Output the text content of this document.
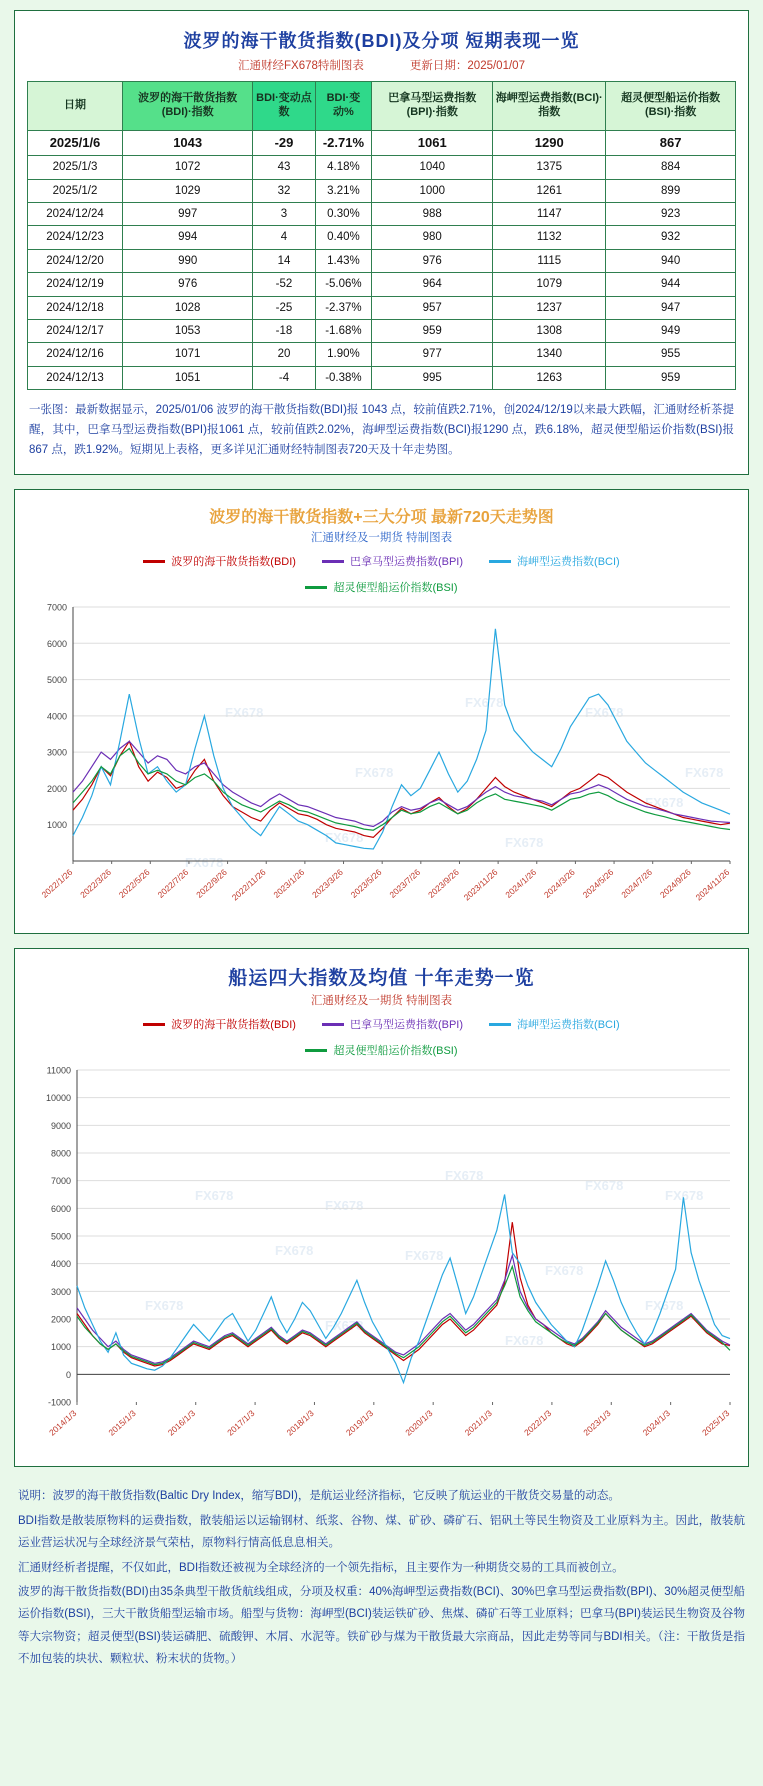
波罗的海干散货指数(BDI)及分项 短期表现一览
汇通财经FX678特制图表	更新日期：2025/01/07
日期	波罗的海干散货指数(BDI)·指数	BDI·变动点数	BDI·变动%	巴拿马型运费指数(BPI)·指数	海岬型运费指数(BCI)·指数	超灵便型船运价指数(BSI)·指数
2025/1/6	1043	-29	-2.71%	1061	1290	867
2025/1/3	1072	43	4.18%	1040	1375	884
2025/1/2	1029	32	3.21%	1000	1261	899
2024/12/24	997	3	0.30%	988	1147	923
2024/12/23	994	4	0.40%	980	1132	932
2024/12/20	990	14	1.43%	976	1115	940
2024/12/19	976	-52	-5.06%	964	1079	944
2024/12/18	1028	-25	-2.37%	957	1237	947
2024/12/17	1053	-18	-1.68%	959	1308	949
2024/12/16	1071	20	1.90%	977	1340	955
2024/12/13	1051	-4	-0.38%	995	1263	959
一张图：最新数据显示，2025/01/06 波罗的海干散货指数(BDI)报 1043 点，较前值跌2.71%，创2024/12/19以来最大跌幅，汇通财经析茶提醒，其中，巴拿马型运费指数(BPI)报1061 点，较前值跌2.02%，海岬型运费指数(BCI)报1290 点，跌6.18%，超灵便型船运价指数(BSI)报867 点，跌1.92%。短期见上表格，更多详见汇通财经特制图表720天及十年走势图。
波罗的海干散货指数+三大分项 最新720天走势图
汇通财经及一期货 特制图表
波罗的海干散货指数(BDI)	巴拿马型运费指数(BPI)	海岬型运费指数(BCI)
超灵便型船运价指数(BSI)
FX678
FX678
FX678
FX678
FX678
FX678
FX678
FX678
FX678
1000
2000
3000
4000
5000
6000
7000
2022/1/26 2022/3/26 2022/5/26 2022/7/26 2022/9/26 2022/11/26 2023/1/26 2023/3/26 2023/5/26 2023/7/26 2023/9/26 2023/11/26 2024/1/26 2024/3/26 2024/5/26 2024/7/26 2024/9/26 2024/11/26
船运四大指数及均值 十年走势一览
汇通财经及一期货 特制图表
波罗的海干散货指数(BDI)	巴拿马型运费指数(BPI)	海岬型运费指数(BCI)
超灵便型船运价指数(BSI)
FX678
FX678
FX678
FX678
FX678
FX678	FX678
FX678
FX678
FX678
FX678
FX678
-1000
0
1000
2000
3000
4000
5000
6000
7000
8000
9000
10000
11000
2014/1/3	2015/1/3	2016/1/3	2017/1/3	2018/1/3	2019/1/3	2020/1/3	2021/1/3	2022/1/3	2023/1/3	2024/1/3	2025/1/3

说明：波罗的海干散货指数(Baltic Dry Index，缩写BDI)，是航运业经济指标，它反映了航运业的干散货交易量的动态。

BDI指数是散装原物料的运费指数，散装船运以运输钢材、纸浆、谷物、煤、矿砂、磷矿石、铝矾土等民生物资及工业原料为主。因此，散装航运业营运状况与全球经济景气荣枯，原物料行情高低息息相关。

汇通财经析者提醒，不仅如此，BDI指数还被视为全球经济的一个领先指标，且主要作为一种期货交易的工具而被创立。

波罗的海干散货指数(BDI)由35条典型干散货航线组成，分项及权重：40%海岬型运费指数(BCI)、30%巴拿马型运费指数(BPI)、30%超灵便型船运价指数(BSI)，三大干散货船型运输市场。船型与货物：海岬型(BCI)装运铁矿砂、焦煤、磷矿石等工业原料；巴拿马(BPI)装运民生物资及谷物等大宗物资；超灵便型(BSI)装运磷肥、硫酸钾、木屑、水泥等。铁矿砂与煤为干散货最大宗商品，因此走势等同与BDI相关。（注：干散货是指不加包装的块状、颗粒状、粉末状的货物。）
